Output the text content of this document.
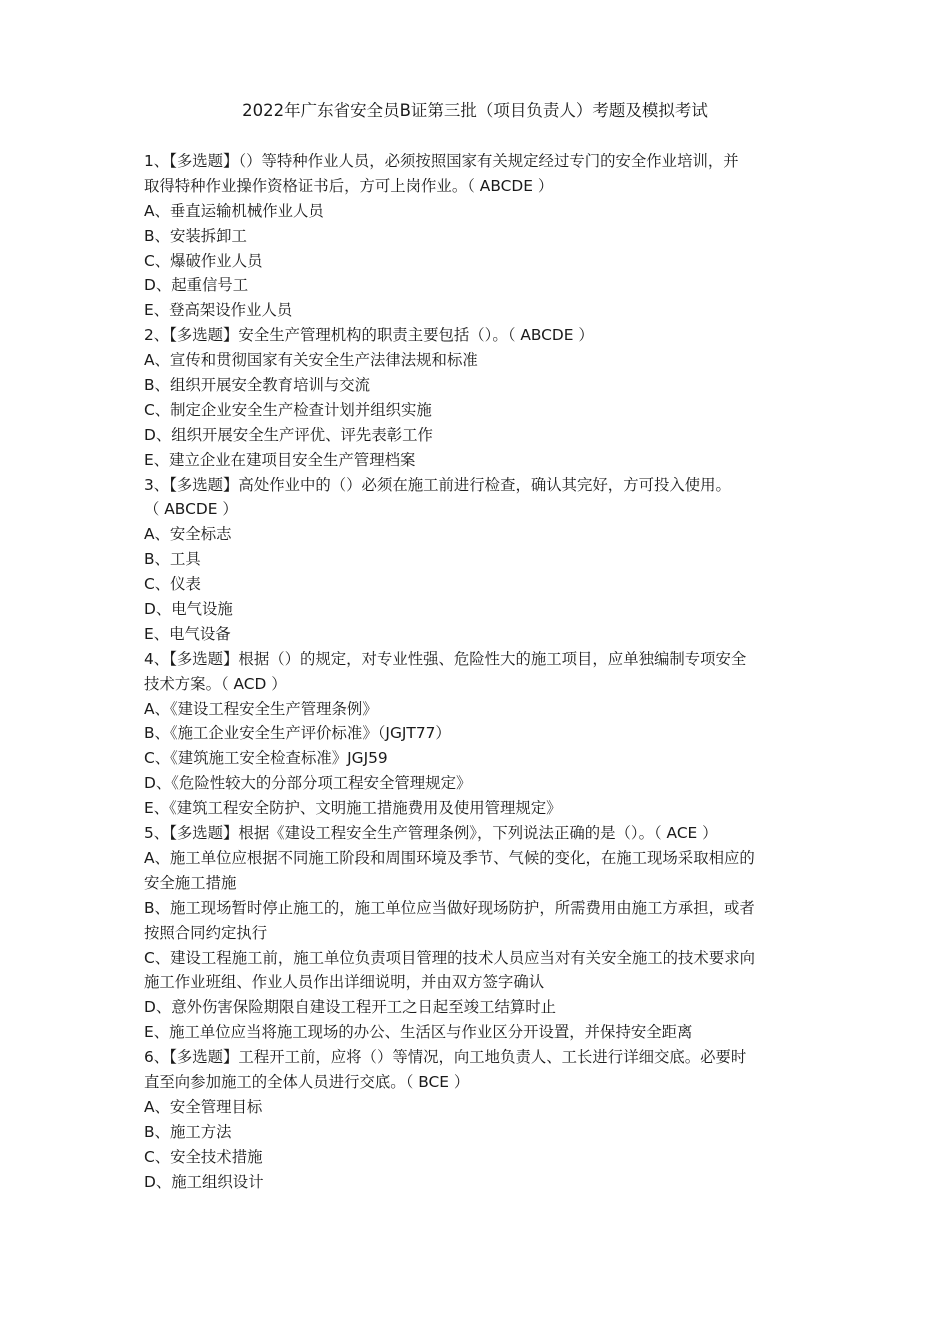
2022年广东省安全员B证第三批（项目负责人）考题及模拟考试
1、【多选题】（）等特种作业人员，必须按照国家有关规定经过专门的安全作业培训，并
取得特种作业操作资格证书后，方可上岗作业。（ ABCDE ）
A、垂直运输机械作业人员
B、安装拆卸工
C、爆破作业人员
D、起重信号工
E、登高架设作业人员
2、【多选题】安全生产管理机构的职责主要包括（）。（ ABCDE ）
A、宣传和贯彻国家有关安全生产法律法规和标准
B、组织开展安全教育培训与交流
C、制定企业安全生产检查计划并组织实施
D、组织开展安全生产评优、评先表彰工作
E、建立企业在建项目安全生产管理档案
3、【多选题】高处作业中的（）必须在施工前进行检查，确认其完好，方可投入使用。
（ ABCDE ）
A、安全标志
B、工具
C、仪表
D、电气设施
E、电气设备
4、【多选题】根据（）的规定，对专业性强、危险性大的施工项目，应单独编制专项安全
技术方案。（ ACD ）
A、《建设工程安全生产管理条例》
B、《施工企业安全生产评价标准》（JGJT77）
C、《建筑施工安全检查标准》JGJ59
D、《危险性较大的分部分项工程安全管理规定》
E、《建筑工程安全防护、文明施工措施费用及使用管理规定》
5、【多选题】根据《建设工程安全生产管理条例》，下列说法正确的是（）。（ ACE ）
A、施工单位应根据不同施工阶段和周围环境及季节、气候的变化，在施工现场采取相应的
安全施工措施
B、施工现场暂时停止施工的，施工单位应当做好现场防护，所需费用由施工方承担，或者
按照合同约定执行
C、建设工程施工前，施工单位负责项目管理的技术人员应当对有关安全施工的技术要求向
施工作业班组、作业人员作出详细说明，并由双方签字确认
D、意外伤害保险期限自建设工程开工之日起至竣工结算时止
E、施工单位应当将施工现场的办公、生活区与作业区分开设置，并保持安全距离
6、【多选题】工程开工前，应将（）等情况，向工地负责人、工长进行详细交底。必要时
直至向参加施工的全体人员进行交底。（ BCE ）
A、安全管理目标
B、施工方法
C、安全技术措施
D、施工组织设计
